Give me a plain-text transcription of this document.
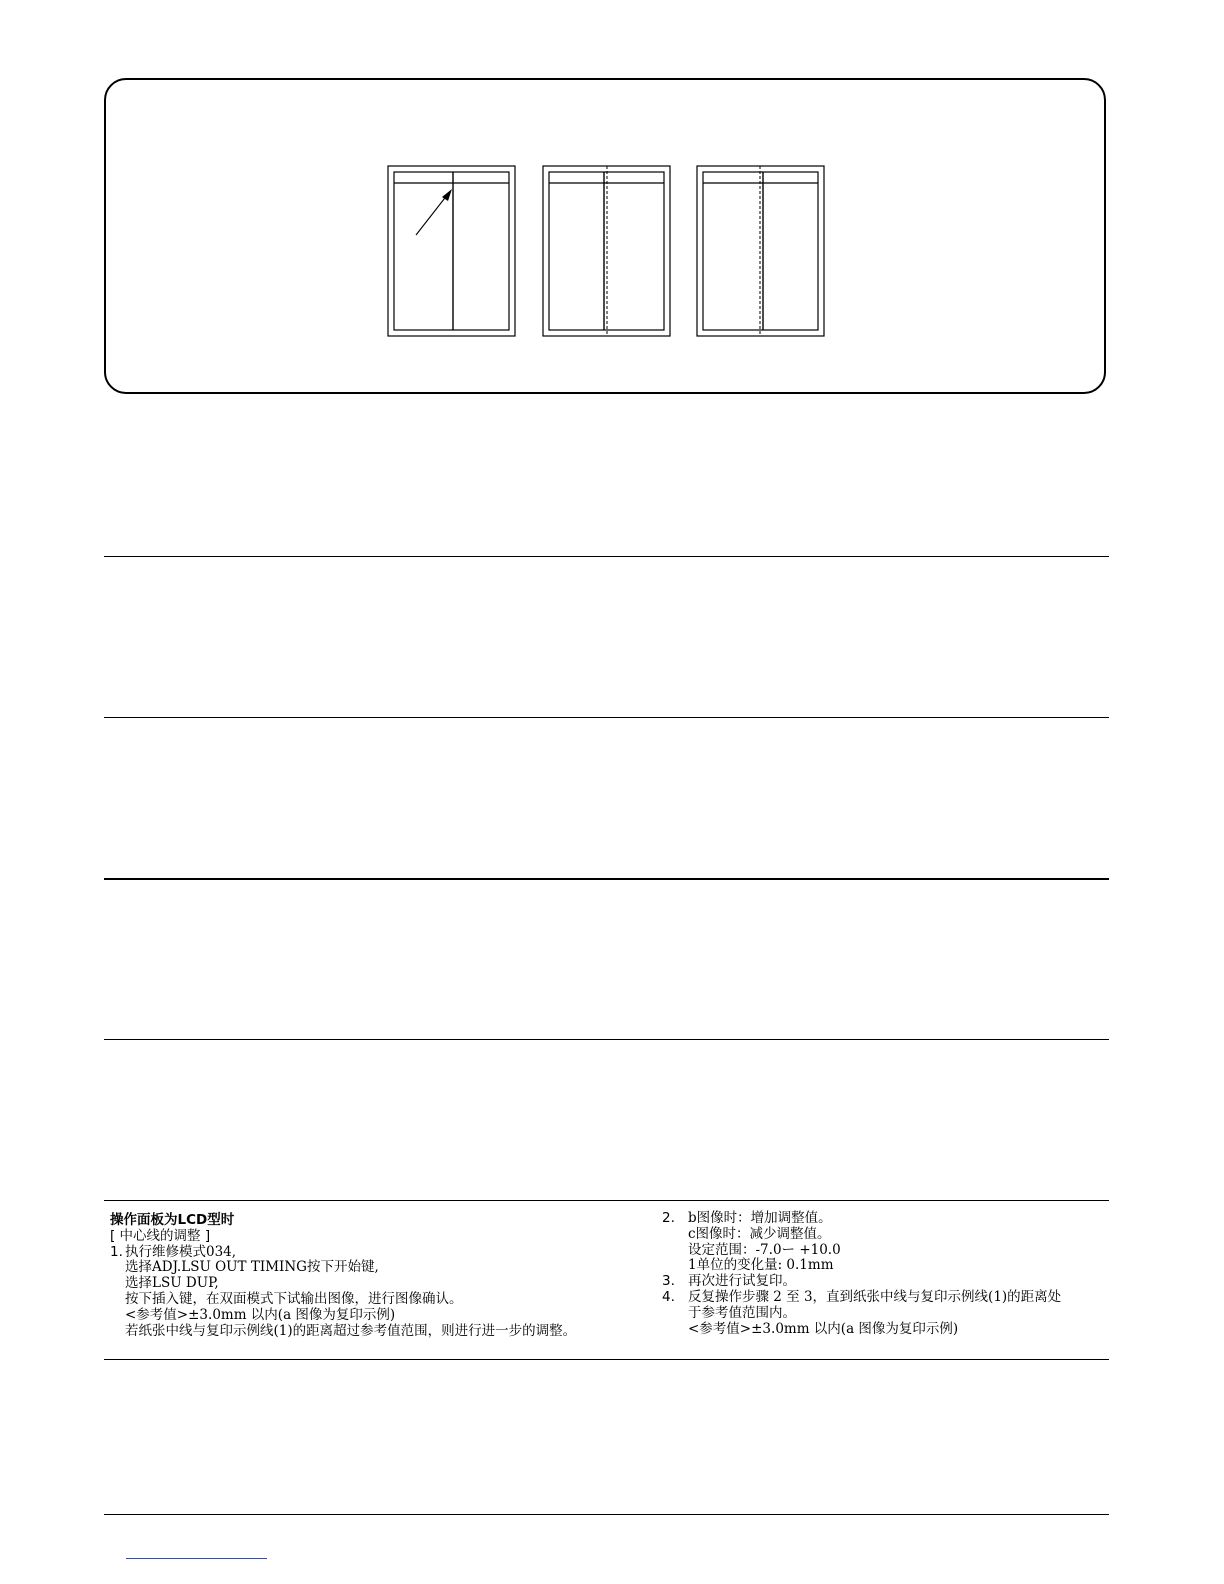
操作面板为LCD型时
[ 中心线的调整 ]
1. 执行维修模式034,
选择ADJ.LSU OUT TIMING按下开始键,
选择LSU DUP,
按下插入键，在双面模式下试输出图像，进行图像确认。
<参考值>±3.0mm 以内(a 图像为复印示例)
若纸张中线与复印示例线(1)的距离超过参考值范围，则进行进一步的调整。
2. b图像时：增加调整值。
c图像时：减少调整值。
设定范围：-7.0ー +10.0
1单位的变化量: 0.1mm
3. 再次进行试复印。
4. 反复操作步骤 2 至 3，直到纸张中线与复印示例线(1)的距离处
于参考值范围内。
<参考值>±3.0mm 以内(a 图像为复印示例)
